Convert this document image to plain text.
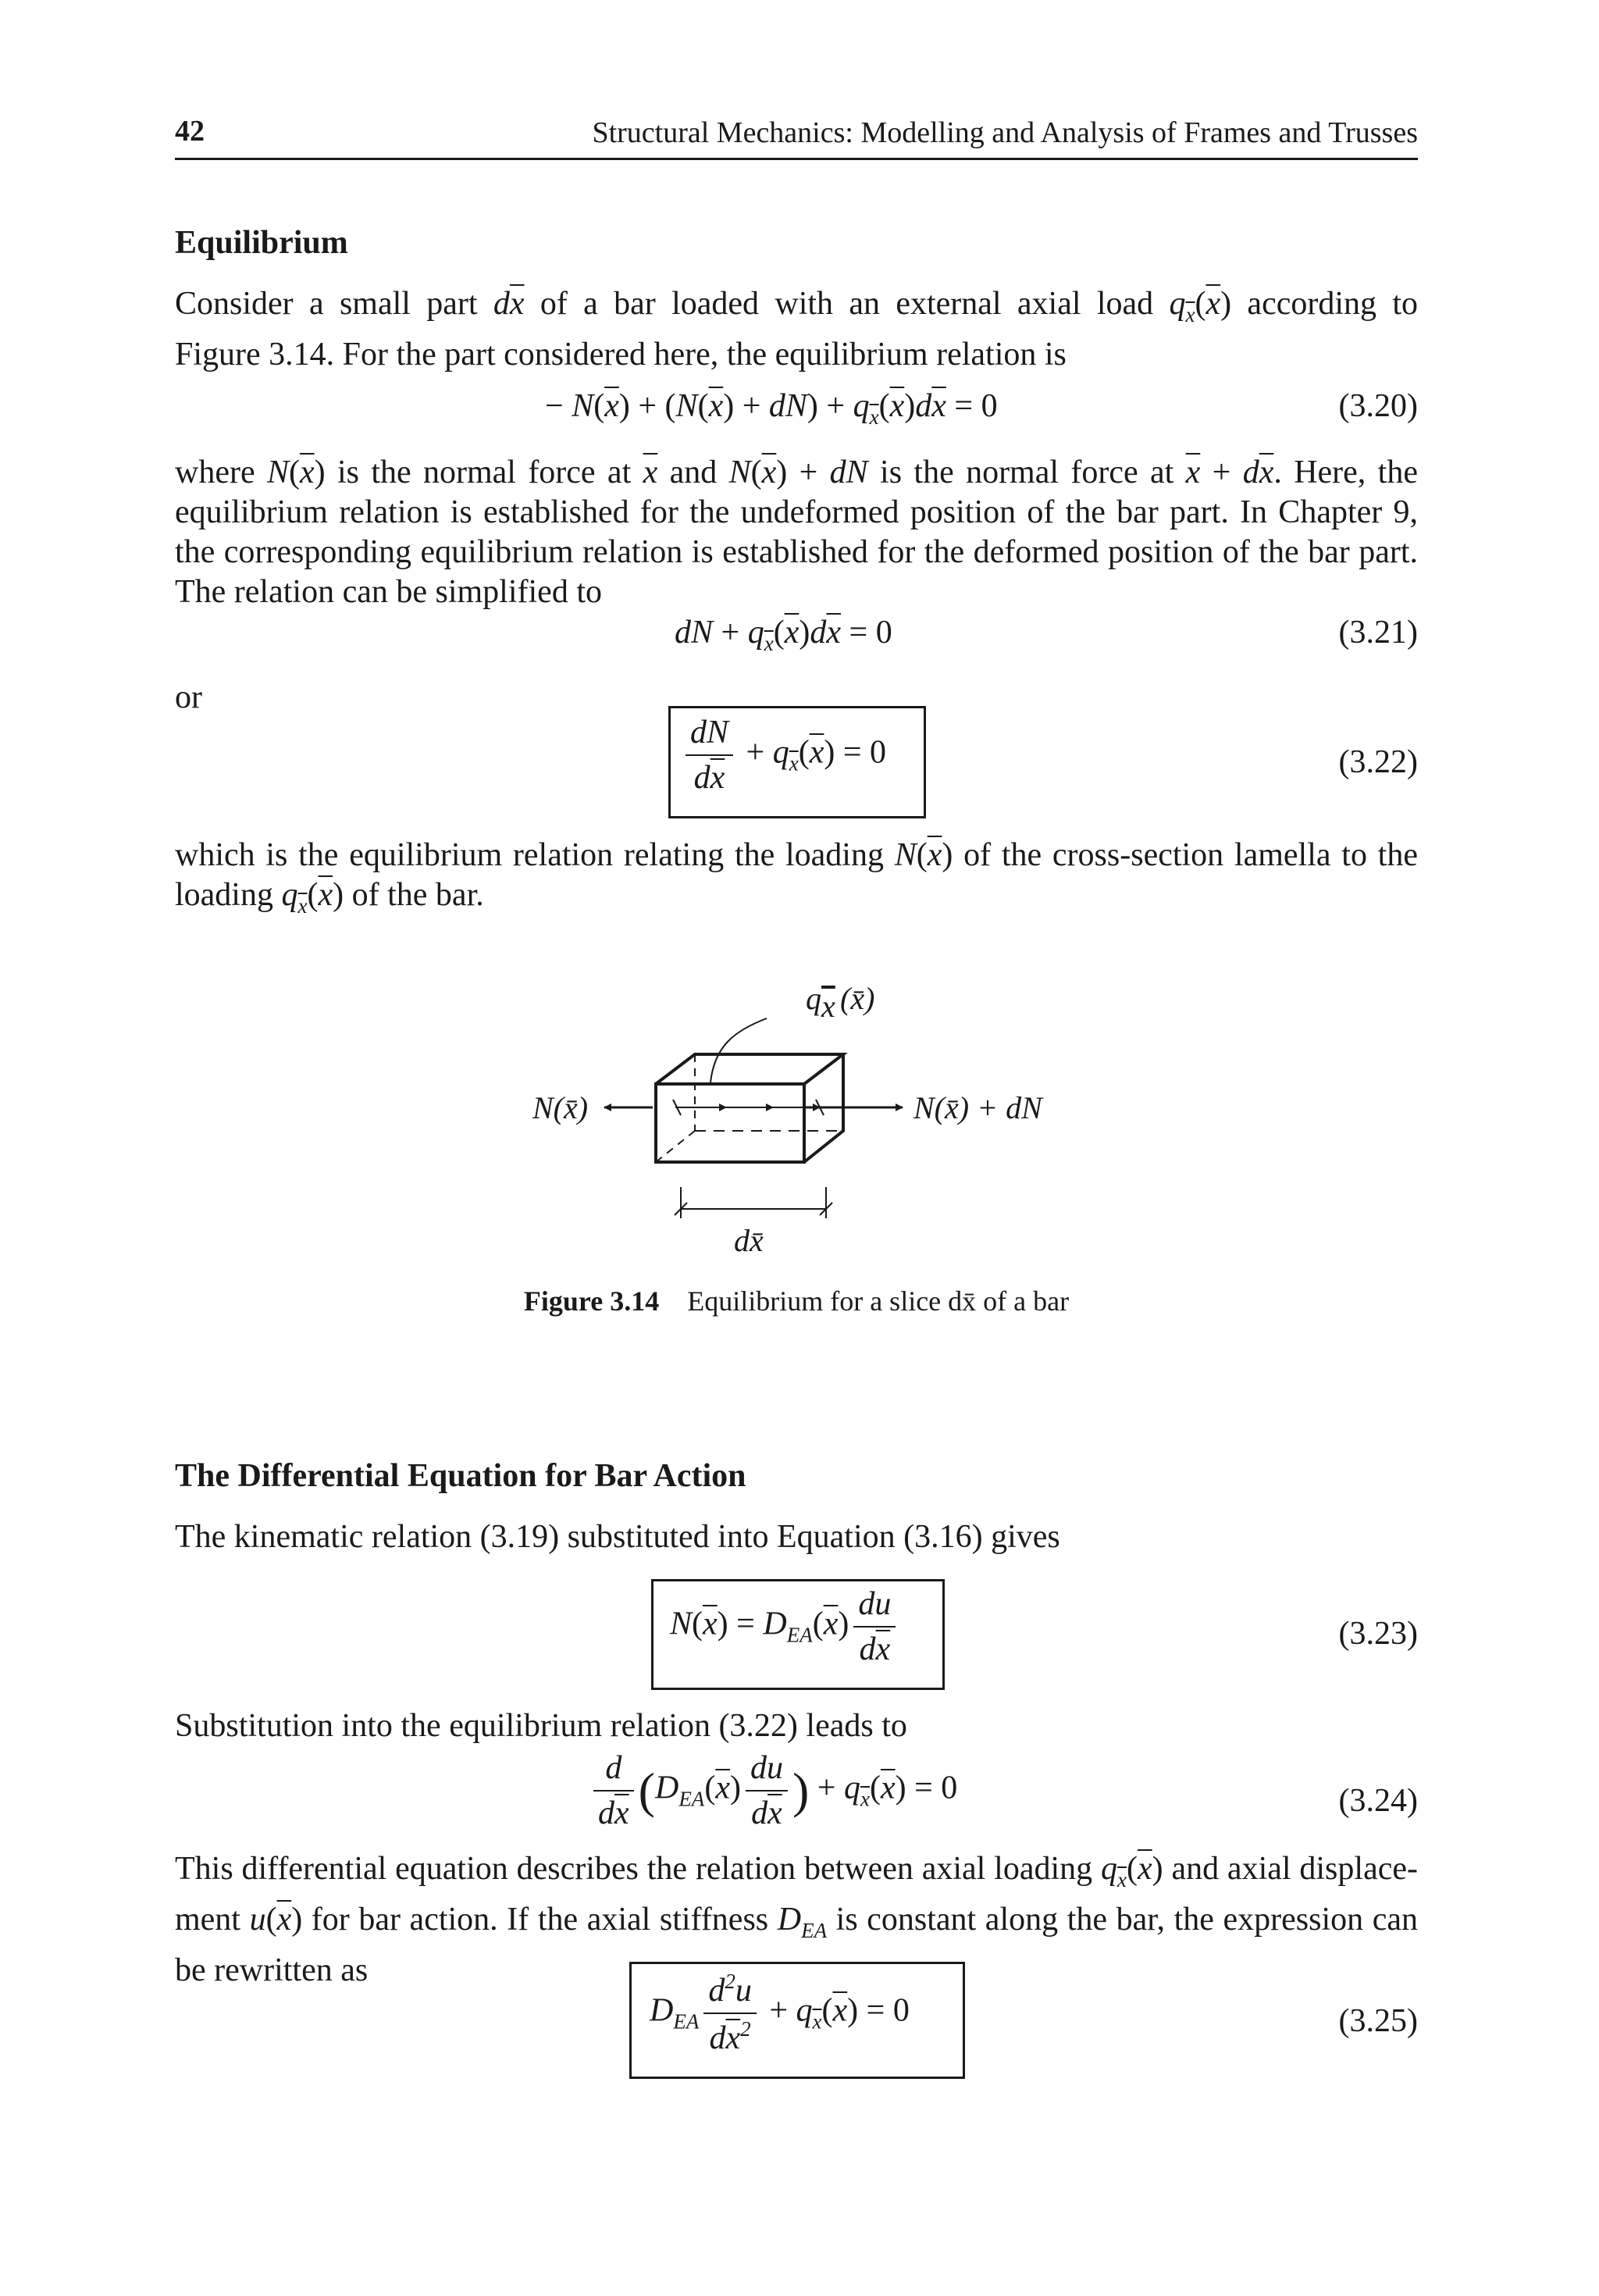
42	Structural Mechanics: Modelling and Analysis of Frames and Trusses
Equilibrium
Consider a small part $d\overline{x}$ of a bar loaded with an external axial load $q_{\overline{x}}(\overline{x})$ according to
Figure 3.14. For the part considered here, the equilibrium relation is
− $N(\overline{x}) + (N(\overline{x}) + dN) + q_{\overline{x}}(\overline{x})d\overline{x} = 0$	(3.20)
where $N(\overline{x})$ is the normal force at $\overline{x}$ and $N(\overline{x})$ + dN is the normal force at $\overline{x} + d\overline{x}$. Here, the
equilibrium relation is established for the undeformed position of the bar part. In Chapter 9,
the corresponding equilibrium relation is established for the deformed position of the bar part.
The relation can be simplified to
dN + $q_{\overline{x}}(\overline{x})d\overline{x} = 0$	(3.21)
or
$\frac{dN}{d\overline{x}} + q_{\overline{x}}(\overline{x}) = 0$	(3.22)
which is the equilibrium relation relating the loading $N(\overline{x})$ of the cross-section lamella to the
loading $q_{\overline{x}}(\overline{x})$ of the bar.
N(x̄)	N(x̄) + dN
q x (x̄)
dx̄
Figure 3.14 Equilibrium for a slice dx̄ of a bar
The Differential Equation for Bar Action
The kinematic relation (3.19) substituted into Equation (3.16) gives
$N(\overline{x}) = D_{EA}(\overline{x}) \frac{du}{d\overline{x}}$	(3.23)
Substitution into the equilibrium relation (3.22) leads to
$\frac{d}{d\overline{x}} (D_{EA}(\overline{x}) \frac{du}{d\overline{x}}$ ) + $q_{\overline{x}}(\overline{x}) = 0$	(3.24)
This differential equation describes the relation between axial loading $q_{\overline{x}}(\overline{x})$ and axial displace-
ment $u(\overline{x})$ for bar action. If the axial stiffness $D_{EA}$ is constant along the bar, the expression can
be rewritten as
$D_{EA} \frac{d^2u}{d\overline{x}^2} + q_{\overline{x}}(\overline{x}) = 0$	(3.25)
